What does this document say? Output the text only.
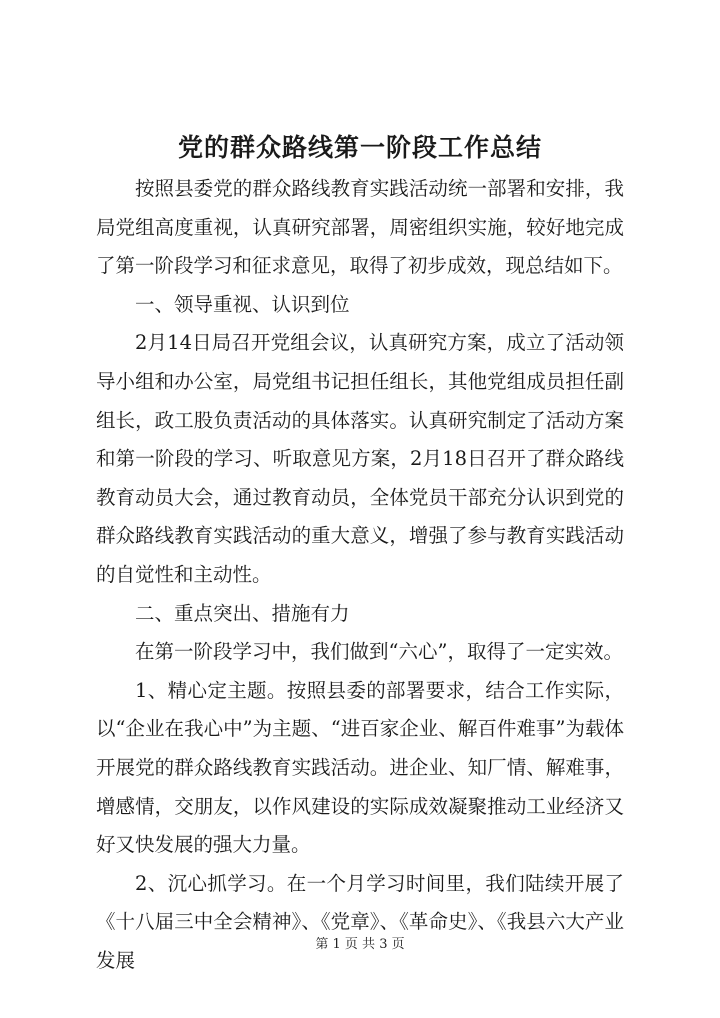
党的群众路线第一阶段工作总结

按照县委党的群众路线教育实践活动统一部署和安排，我局党组高度重视，认真研究部署，周密组织实施，较好地完成了第一阶段学习和征求意见，取得了初步成效，现总结如下。

一、领导重视、认识到位

2月14日局召开党组会议，认真研究方案，成立了活动领导小组和办公室，局党组书记担任组长，其他党组成员担任副组长，政工股负责活动的具体落实。认真研究制定了活动方案和第一阶段的学习、听取意见方案，2月18日召开了群众路线教育动员大会，通过教育动员，全体党员干部充分认识到党的群众路线教育实践活动的重大意义，增强了参与教育实践活动的自觉性和主动性。

二、重点突出、措施有力

在第一阶段学习中，我们做到“六心”，取得了一定实效。

1、精心定主题。按照县委的部署要求，结合工作实际，以“企业在我心中”为主题、“进百家企业、解百件难事”为载体开展党的群众路线教育实践活动。进企业、知厂情、解难事，增感情，交朋友，以作风建设的实际成效凝聚推动工业经济又好又快发展的强大力量。

2、沉心抓学习。在一个月学习时间里，我们陆续开展了《十八届三中全会精神》、《党章》、《革命史》、《我县六大产业发展

第 1 页 共 3 页
